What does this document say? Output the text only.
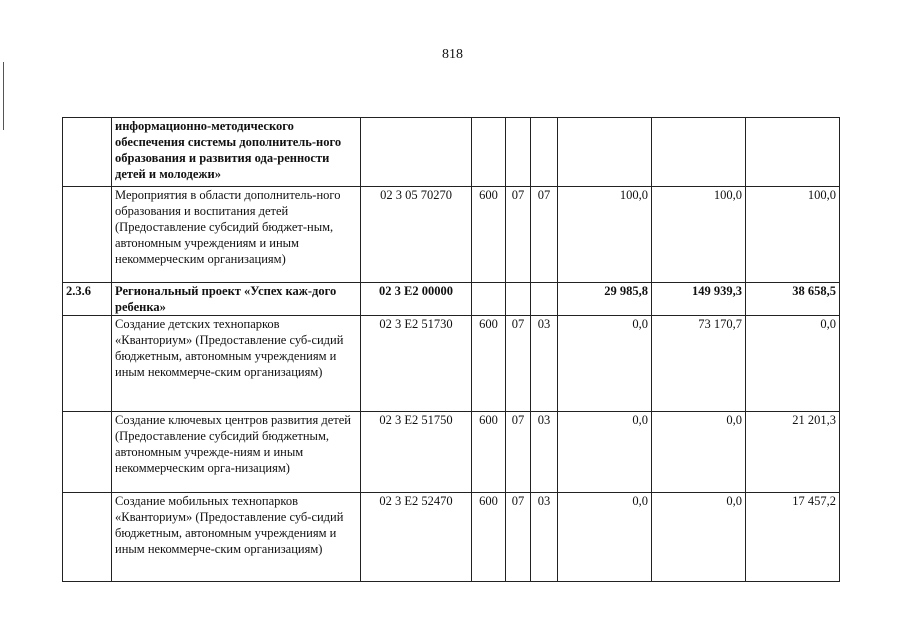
818
	информационно-методического обеспечения системы дополнитель-ного образования и развития ода-ренности детей и молодежи»							
	Мероприятия в области дополнитель-ного образования и воспитания детей (Предоставление субсидий бюджет-ным, автономным учреждениям и иным некоммерческим организациям)	02 3 05 70270	600	07	07	100,0	100,0	100,0
2.3.6	Региональный проект «Успех каж-дого ребенка»	02 3 E2 00000				29 985,8	149 939,3	38 658,5
	Создание детских технопарков «Кванториум» (Предоставление суб-сидий бюджетным, автономным учреждениям и иным некоммерче-ским организациям)	02 3 E2 51730	600	07	03	0,0	73 170,7	0,0
	Создание ключевых центров развития детей (Предоставление субсидий бюджетным, автономным учрежде-ниям и иным некоммерческим орга-низациям)	02 3 E2 51750	600	07	03	0,0	0,0	21 201,3
	Создание мобильных технопарков «Кванториум» (Предоставление суб-сидий бюджетным, автономным учреждениям и иным некоммерче-ским организациям)	02 3 E2 52470	600	07	03	0,0	0,0	17 457,2
